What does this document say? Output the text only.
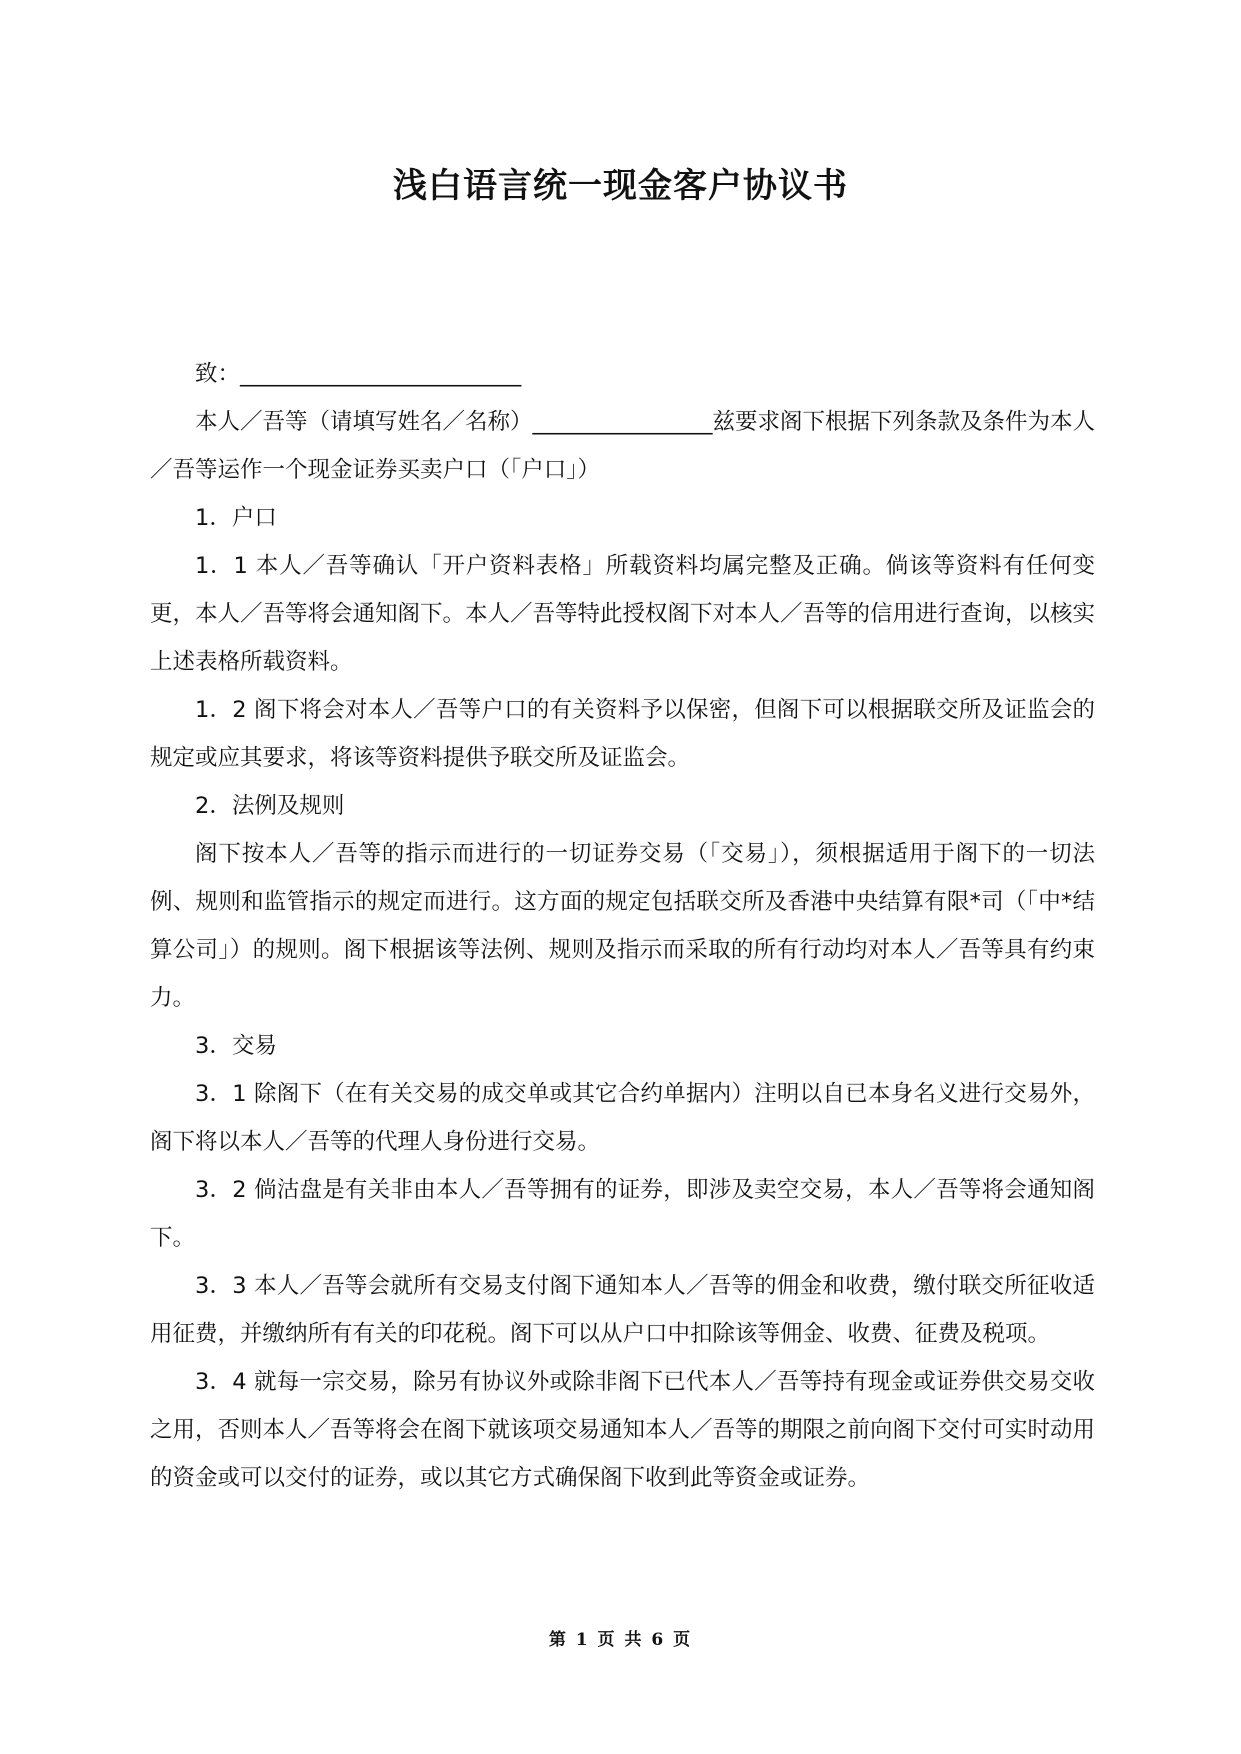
浅白语言统一现金客户协议书

致：_________________________

本人／吾等（请填写姓名／名称）________________兹要求阁下根据下列条款及条件为本人／吾等运作一个现金证券买卖户口（「户口」）

1．户口

1．1 本人／吾等确认「开户资料表格」所载资料均属完整及正确。倘该等资料有任何变更，本人／吾等将会通知阁下。本人／吾等特此授权阁下对本人／吾等的信用进行查询，以核实上述表格所载资料。

1．2 阁下将会对本人／吾等户口的有关资料予以保密，但阁下可以根据联交所及证监会的规定或应其要求，将该等资料提供予联交所及证监会。

2．法例及规则

阁下按本人／吾等的指示而进行的一切证券交易（「交易」），须根据适用于阁下的一切法例、规则和监管指示的规定而进行。这方面的规定包括联交所及香港中央结算有限*司（「中*结算公司」）的规则。阁下根据该等法例、规则及指示而采取的所有行动均对本人／吾等具有约束力。

3．交易

3．1 除阁下（在有关交易的成交单或其它合约单据内）注明以自已本身名义进行交易外， 阁下将以本人／吾等的代理人身份进行交易。

3．2 倘沽盘是有关非由本人／吾等拥有的证券，即涉及卖空交易，本人／吾等将会通知阁下。

3．3 本人／吾等会就所有交易支付阁下通知本人／吾等的佣金和收费，缴付联交所征收适用征费，并缴纳所有有关的印花税。阁下可以从户口中扣除该等佣金、收费、征费及税项。

3．4 就每一宗交易，除另有协议外或除非阁下已代本人／吾等持有现金或证券供交易交收之用，否则本人／吾等将会在阁下就该项交易通知本人／吾等的期限之前向阁下交付可实时动用的资金或可以交付的证券，或以其它方式确保阁下收到此等资金或证券。

第 1 页 共 6 页
